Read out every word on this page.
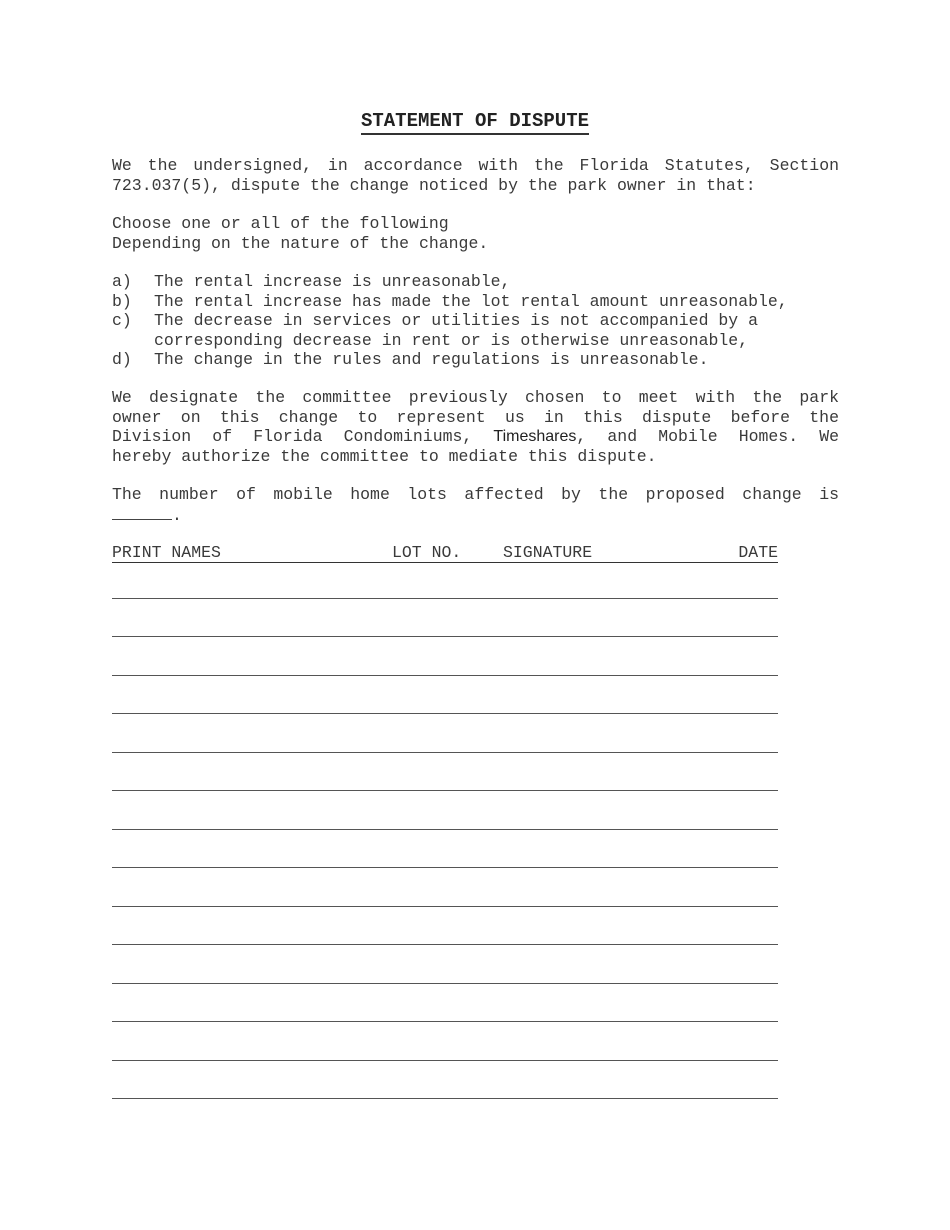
STATEMENT OF DISPUTE
We the undersigned, in accordance with the Florida Statutes, Section
723.037(5), dispute the change noticed by the park owner in that:
Choose one or all of the following
Depending on the nature of the change.
a)	The rental increase is unreasonable,
b)	The rental increase has made the lot rental amount unreasonable,
c)	The decrease in services or utilities is not accompanied by a
corresponding decrease in rent or is otherwise unreasonable,
d)	The change in the rules and regulations is unreasonable.
We designate the committee previously chosen to meet with the park
owner on this change to represent us in this dispute before the
Division of Florida Condominiums, Timeshares, and Mobile Homes. We
hereby authorize the committee to mediate this dispute.
The number of mobile home lots affected by the proposed change is
.
PRINT NAMES	LOT NO.	SIGNATURE	DATE
